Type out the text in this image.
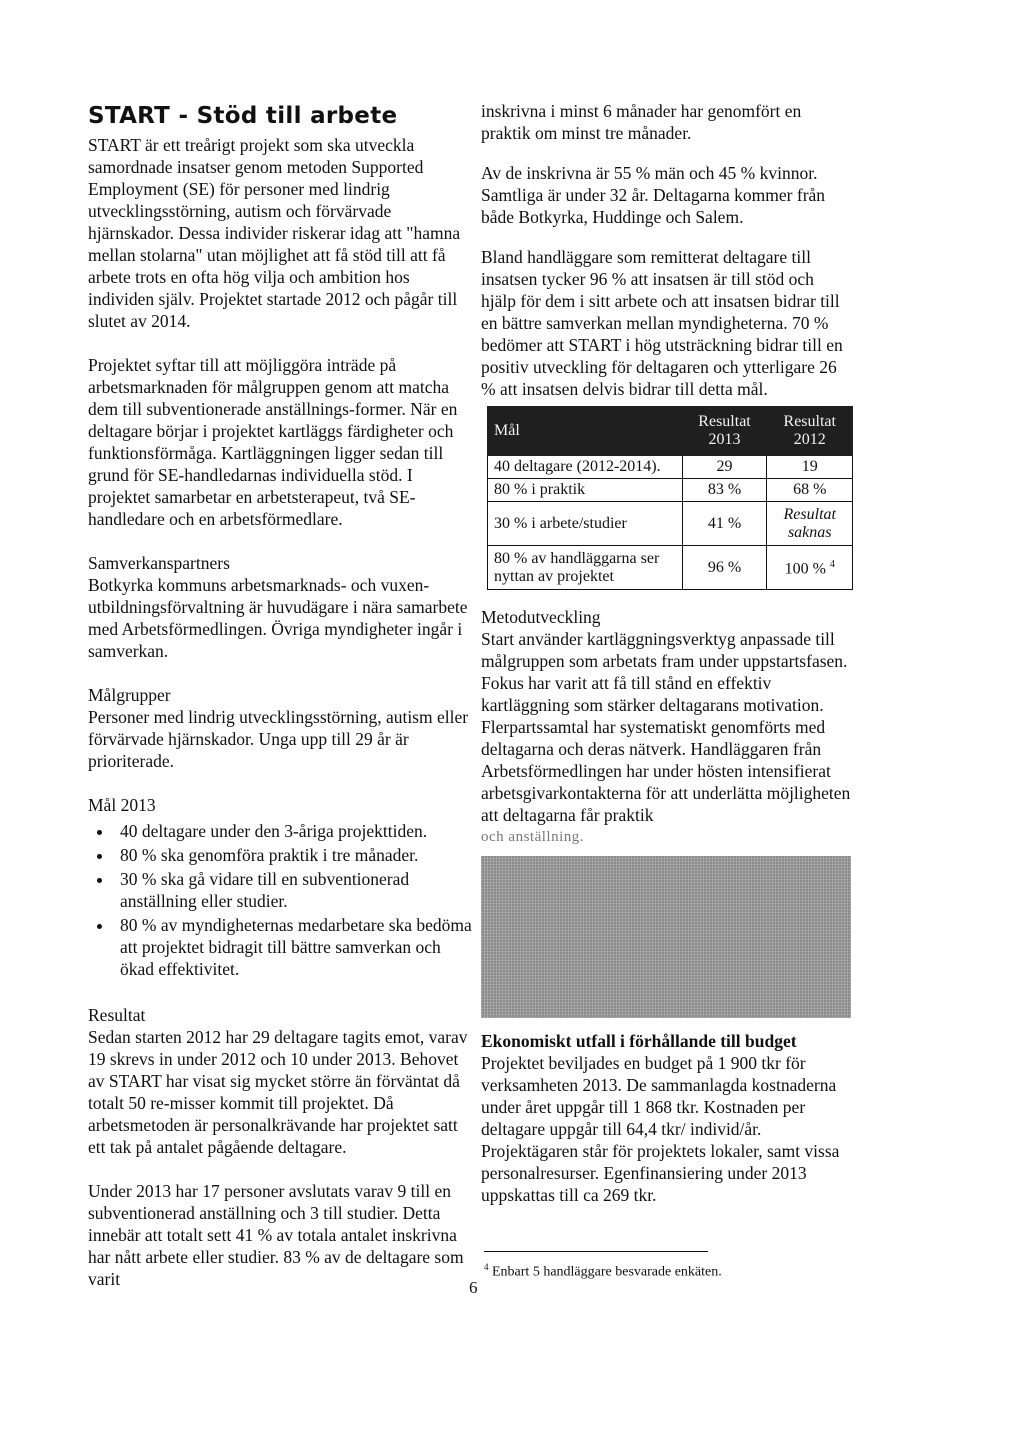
START - Stöd till arbete

START är ett treårigt projekt som ska utveckla samordnade insatser genom metoden Supported Employment (SE) för personer med lindrig utvecklingsstörning, autism och förvärvade hjärnskador. Dessa individer riskerar idag att "hamna mellan stolarna" utan möjlighet att få stöd till att få arbete trots en ofta hög vilja och ambition hos individen själv. Projektet startade 2012 och pågår till slutet av 2014.

Projektet syftar till att möjliggöra inträde på arbetsmarknaden för målgruppen genom att matcha dem till subventionerade anställnings-former. När en deltagare börjar i projektet kartläggs färdigheter och funktionsförmåga. Kartläggningen ligger sedan till grund för SE-handledarnas individuella stöd. I projektet samarbetar en arbetsterapeut, två SE-handledare och en arbetsförmedlare.

Samverkanspartners

Botkyrka kommuns arbetsmarknads- och vuxen-utbildningsförvaltning är huvudägare i nära samarbete med Arbetsförmedlingen. Övriga myndigheter ingår i samverkan.

Målgrupper

Personer med lindrig utvecklingsstörning, autism eller förvärvade hjärnskador. Unga upp till 29 år är prioriterade.

Mål 2013

• 40 deltagare under den 3-åriga projekttiden.
• 80 % ska genomföra praktik i tre månader.
• 30 % ska gå vidare till en subventionerad anställning eller studier.
• 80 % av myndigheternas medarbetare ska bedöma att projektet bidragit till bättre samverkan och ökad effektivitet.

Resultat

Sedan starten 2012 har 29 deltagare tagits emot, varav 19 skrevs in under 2012 och 10 under 2013. Behovet av START har visat sig mycket större än förväntat då totalt 50 re-misser kommit till projektet. Då arbetsmetoden är personalkrävande har projektet satt ett tak på antalet pågående deltagare.

Under 2013 har 17 personer avslutats varav 9 till en subventionerad anställning och 3 till studier. Detta innebär att totalt sett 41 % av totala antalet inskrivna har nått arbete eller studier. 83 % av de deltagare som varit

inskrivna i minst 6 månader har genomfört en praktik om minst tre månader.

Av de inskrivna är 55 % män och 45 % kvinnor. Samtliga är under 32 år. Deltagarna kommer från både Botkyrka, Huddinge och Salem.

Bland handläggare som remitterat deltagare till insatsen tycker 96 % att insatsen är till stöd och hjälp för dem i sitt arbete och att insatsen bidrar till en bättre samverkan mellan myndigheterna. 70 % bedömer att START i hög utsträckning bidrar till en positiv utveckling för deltagaren och ytterligare 26 % att insatsen delvis bidrar till detta mål.

Mål	Resultat 2013	Resultat 2012
40 deltagare (2012-2014).	29	19
80 % i praktik	83 %	68 %
30 % i arbete/studier	41 %	Resultat saknas
80 % av handläggarna ser nyttan av projektet	96 %	100 % $^4$

Metodutveckling

Start använder kartläggningsverktyg anpassade till målgruppen som arbetats fram under uppstartsfasen. Fokus har varit att få till stånd en effektiv kartläggning som stärker deltagarans motivation. Flerpartssamtal har systematiskt genomförts med deltagarna och deras nätverk. Handläggaren från Arbetsförmedlingen har under hösten intensifierat arbetsgivarkontakterna för att underlätta möjligheten att deltagarna får praktik

och anställning.

Ekonomiskt utfall i förhållande till budget

Projektet beviljades en budget på 1 900 tkr för verksamheten 2013. De sammanlagda kostnaderna under året uppgår till 1 868 tkr. Kostnaden per deltagare uppgår till 64,4 tkr/ individ/år. Projektägaren står för projektets lokaler, samt vissa personalresurser. Egenfinansiering under 2013 uppskattas till ca 269 tkr.

$^4$ Enbart 5 handläggare besvarade enkäten.
6
